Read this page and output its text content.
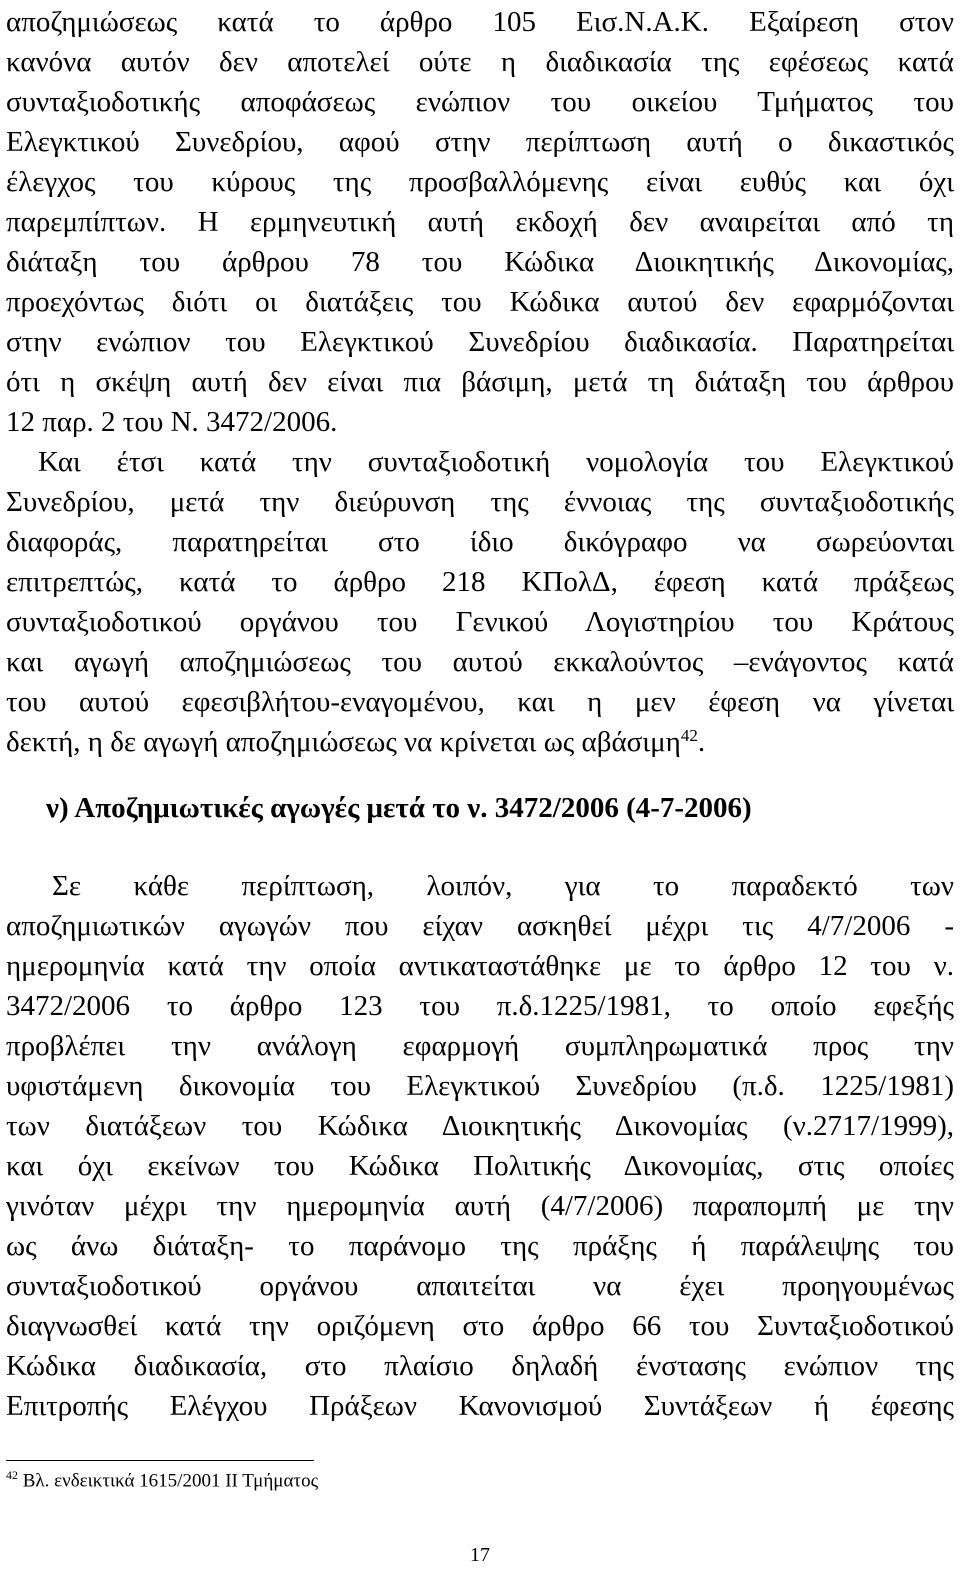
αποζημιώσεως κατά το άρθρο 105 Εισ.Ν.Α.Κ. Εξαίρεση στον
κανόνα αυτόν δεν αποτελεί ούτε η διαδικασία της εφέσεως κατά
συνταξιοδοτικής αποφάσεως ενώπιον του οικείου Τμήματος του
Ελεγκτικού Συνεδρίου, αφού στην περίπτωση αυτή ο δικαστικός
έλεγχος του κύρους της προσβαλλόμενης είναι ευθύς και όχι
παρεμπίπτων. Η ερμηνευτική αυτή εκδοχή δεν αναιρείται από τη
διάταξη του άρθρου 78 του Κώδικα Διοικητικής Δικονομίας,
προεχόντως διότι οι διατάξεις του Κώδικα αυτού δεν εφαρμόζονται
στην ενώπιον του Ελεγκτικού Συνεδρίου διαδικασία. Παρατηρείται
ότι η σκέψη αυτή δεν είναι πια βάσιμη, μετά τη διάταξη του άρθρου
12 παρ. 2 του Ν. 3472/2006.
Και έτσι κατά την συνταξιοδοτική νομολογία του Ελεγκτικού
Συνεδρίου, μετά την διεύρυνση της έννοιας της συνταξιοδοτικής
διαφοράς, παρατηρείται στο ίδιο δικόγραφο να σωρεύονται
επιτρεπτώς, κατά το άρθρο 218 ΚΠολΔ, έφεση κατά πράξεως
συνταξιοδοτικού οργάνου του Γενικού Λογιστηρίου του Κράτους
και αγωγή αποζημιώσεως του αυτού εκκαλούντος –ενάγοντος κατά
του αυτού εφεσιβλήτου-εναγομένου, και η μεν έφεση να γίνεται
δεκτή, η δε αγωγή αποζημιώσεως να κρίνεται ως αβάσιμη$^{42}$.
ν) Αποζημιωτικές αγωγές μετά το ν. 3472/2006 (4-7-2006)
Σε κάθε περίπτωση, λοιπόν, για το παραδεκτό των
αποζημιωτικών αγωγών που είχαν ασκηθεί μέχρι τις 4/7/2006 -
ημερομηνία κατά την οποία αντικαταστάθηκε με το άρθρο 12 του ν.
3472/2006 το άρθρο 123 του π.δ.1225/1981, το οποίο εφεξής
προβλέπει την ανάλογη εφαρμογή συμπληρωματικά προς την
υφιστάμενη δικονομία του Ελεγκτικού Συνεδρίου (π.δ. 1225/1981)
των διατάξεων του Κώδικα Διοικητικής Δικονομίας (ν.2717/1999),
και όχι εκείνων του Κώδικα Πολιτικής Δικονομίας, στις οποίες
γινόταν μέχρι την ημερομηνία αυτή (4/7/2006) παραπομπή με την
ως άνω διάταξη- το παράνομο της πράξης ή παράλειψης του
συνταξιοδοτικού οργάνου απαιτείται να έχει προηγουμένως
διαγνωσθεί κατά την οριζόμενη στο άρθρο 66 του Συνταξιοδοτικού
Κώδικα διαδικασία, στο πλαίσιο δηλαδή ένστασης ενώπιον της
Επιτροπής Ελέγχου Πράξεων Κανονισμού Συντάξεων ή έφεσης
$^{42}$ Βλ. ενδεικτικά 1615/2001 ΙΙ Τμήματος
17
